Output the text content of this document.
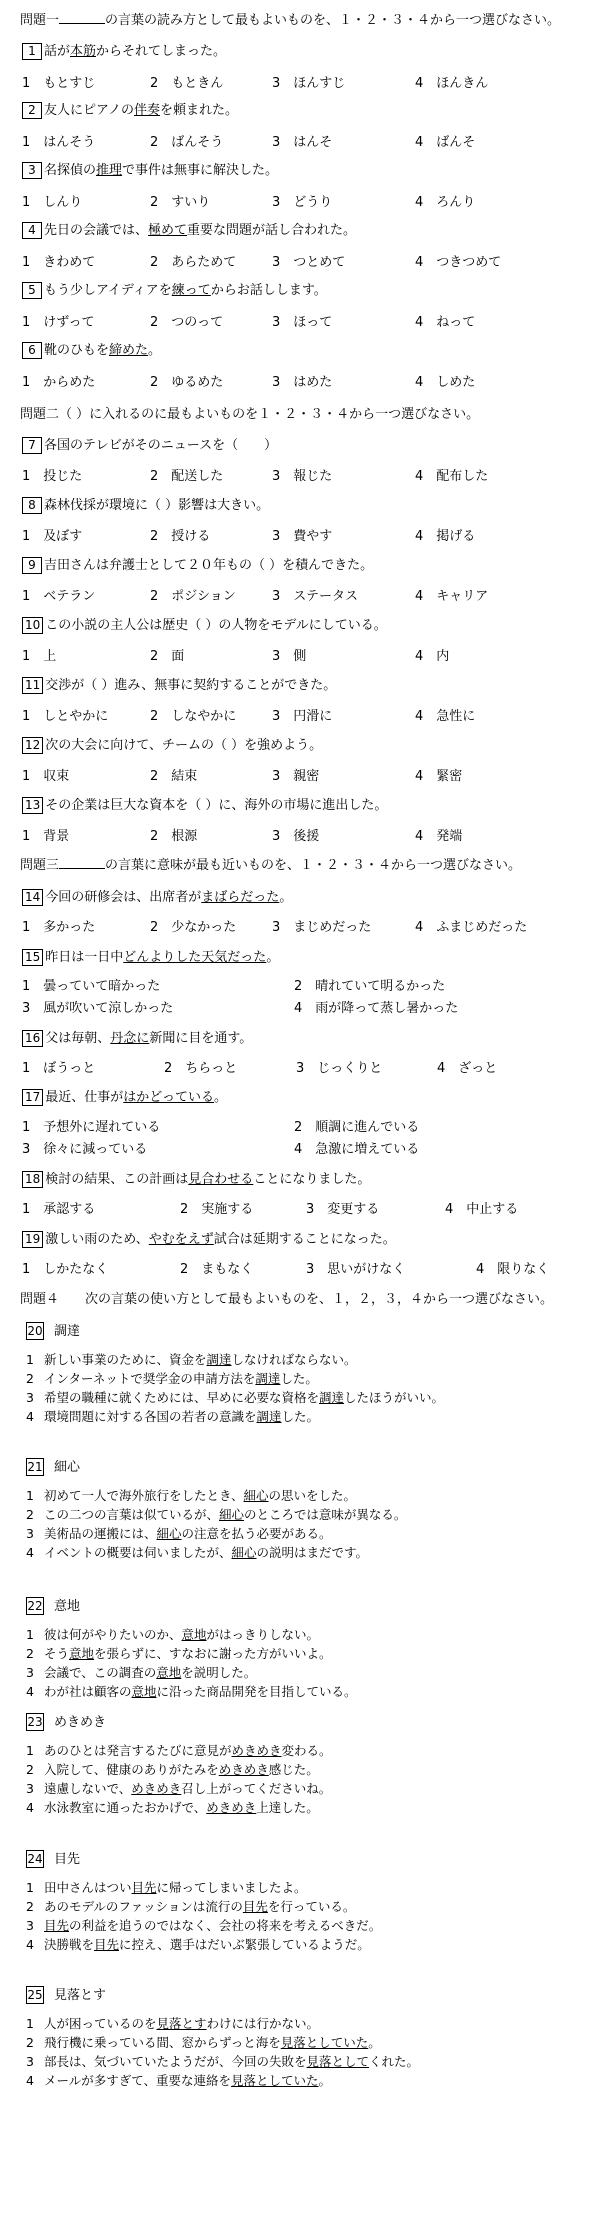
問題一	の言葉の読み方として最もよいものを、１・２・３・４から一つ選びなさい。
1 話が本筋からそれてしまった。
1　もとすじ	2　もときん	3　ほんすじ	4　ほんきん
2 友人にピアノの伴奏を頼まれた。
1　はんそう	2　ばんそう	3　はんそ	4　ばんそ
3 名探偵の推理で事件は無事に解決した。
1　しんり	2　すいり	3　どうり	4　ろんり
4 先日の会議では、極めて重要な問題が話し合われた。
1　きわめて	2　あらためて	3　つとめて	4　つきつめて
5 もう少しアイディアを練ってからお話しします。
1　けずって	2　つのって	3　ほって	4　ねって
6 靴のひもを締めた。
1　からめた	2　ゆるめた	3　はめた	4　しめた
問題二（ ）に入れるのに最もよいものを１・２・３・４から一つ選びなさい。
7 各国のテレビがそのニュースを（　　）
1　投じた	2　配送した	3　報じた	4　配布した
8 森林伐採が環境に（ ）影響は大きい。
1　及ぼす	2　授ける	3　費やす	4　掲げる
9 吉田さんは弁護士として２０年もの（ ）を積んできた。
1　ベテラン	2　ポジション	3　ステータス	4　キャリア
10 この小説の主人公は歴史（ ）の人物をモデルにしている。
1　上	2　面	3　側	4　内
11 交渉が（ ）進み、無事に契約することができた。
1　しとやかに	2　しなやかに	3　円滑に	4　急性に
12 次の大会に向けて、チームの（ ）を強めよう。
1　収束	2　結束	3　親密	4　緊密
13 その企業は巨大な資本を（ ）に、海外の市場に進出した。
1　背景	2　根源	3　後援	4　発端
問題三	の言葉に意味が最も近いものを、１・２・３・４から一つ選びなさい。
14 今回の研修会は、出席者がまばらだった。
1　多かった	2　少なかった	3　まじめだった	4　ふまじめだった
15 昨日は一日中どんよりした天気だった。
1　曇っていて暗かった	2　晴れていて明るかった
3　風が吹いて涼しかった	4　雨が降って蒸し暑かった
16 父は毎朝、丹念に新聞に目を通す。
1　ぼうっと	2　ちらっと	3　じっくりと	4　ざっと
17 最近、仕事がはかどっている。
1　予想外に遅れている	2　順調に進んでいる
3　徐々に減っている	4　急激に増えている
18 検討の結果、この計画は見合わせることになりました。
1　承認する	2　実施する	3　変更する	4　中止する
19 激しい雨のため、やむをえず試合は延期することになった。
1　しかたなく	2　まもなく	3　思いがけなく	4　限りなく
問題４　　次の言葉の使い方として最もよいものを、１，２，３，４から一つ選びなさい。
20 調達
1 新しい事業のために、資金を調達しなければならない。
2 インターネットで奨学金の申請方法を調達した。
3 希望の職種に就くためには、早めに必要な資格を調達したほうがいい。
4 環境問題に対する各国の若者の意識を調達した。
21 細心
1 初めて一人で海外旅行をしたとき、細心の思いをした。
2 この二つの言葉は似ているが、細心のところでは意味が異なる。
3 美術品の運搬には、細心の注意を払う必要がある。
4 イベントの概要は伺いましたが、細心の説明はまだです。
22 意地
1 彼は何がやりたいのか、意地がはっきりしない。
2 そう意地を張らずに、すなおに謝った方がいいよ。
3 会議で、この調査の意地を説明した。
4 わが社は顧客の意地に沿った商品開発を目指している。
23 めきめき
1 あのひとは発言するたびに意見がめきめき変わる。
2 入院して、健康のありがたみをめきめき感じた。
3 遠慮しないで、めきめき召し上がってくださいね。
4 水泳教室に通ったおかげで、めきめき上達した。
24 目先
1 田中さんはつい目先に帰ってしまいましたよ。
2 あのモデルのファッションは流行の目先を行っている。
3 目先の利益を追うのではなく、会社の将来を考えるべきだ。
4 決勝戦を目先に控え、選手はだいぶ緊張しているようだ。
25 見落とす
1 人が困っているのを見落とすわけには行かない。
2 飛行機に乗っている間、窓からずっと海を見落としていた。
3 部長は、気づいていたようだが、今回の失敗を見落としてくれた。
4 メールが多すぎて、重要な連絡を見落としていた。
